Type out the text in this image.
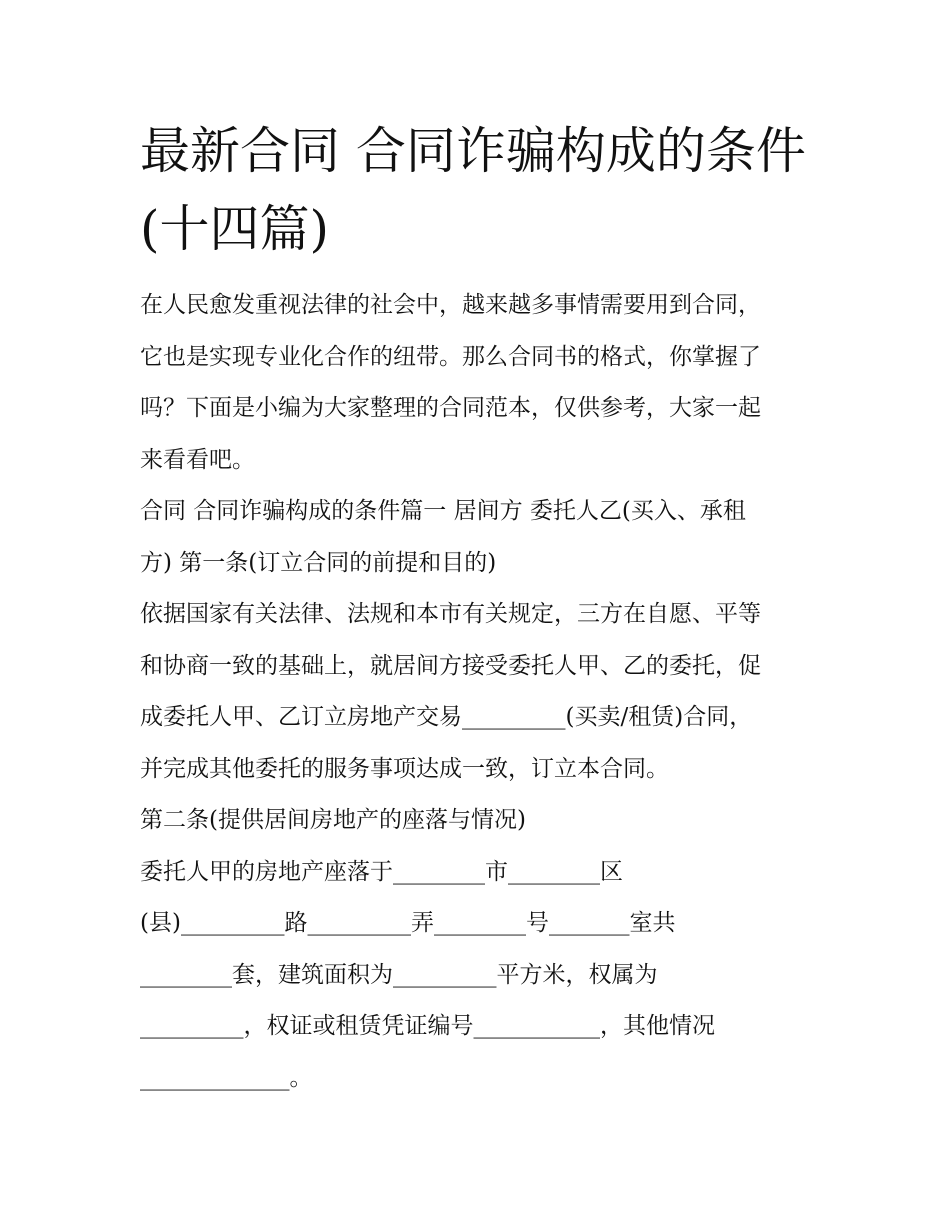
最新合同 合同诈骗构成的条件
(十四篇)

在人民愈发重视法律的社会中，越来越多事情需要用到合同，
它也是实现专业化合作的纽带。那么合同书的格式，你掌握了
吗？下面是小编为大家整理的合同范本，仅供参考，大家一起
来看看吧。

合同 合同诈骗构成的条件篇一 居间方 委托人乙(买入、承租
方) 第一条(订立合同的前提和目的)

依据国家有关法律、法规和本市有关规定，三方在自愿、平等
和协商一致的基础上，就居间方接受委托人甲、乙的委托，促
成委托人甲、乙订立房地产交易_________(买卖/租赁)合同，
并完成其他委托的服务事项达成一致，订立本合同。

第二条(提供居间房地产的座落与情况)

委托人甲的房地产座落于________市________区
(县)_________路_________弄________号_______室共
________套，建筑面积为_________平方米，权属为
_________，权证或租赁凭证编号___________，其他情况
_____________。
